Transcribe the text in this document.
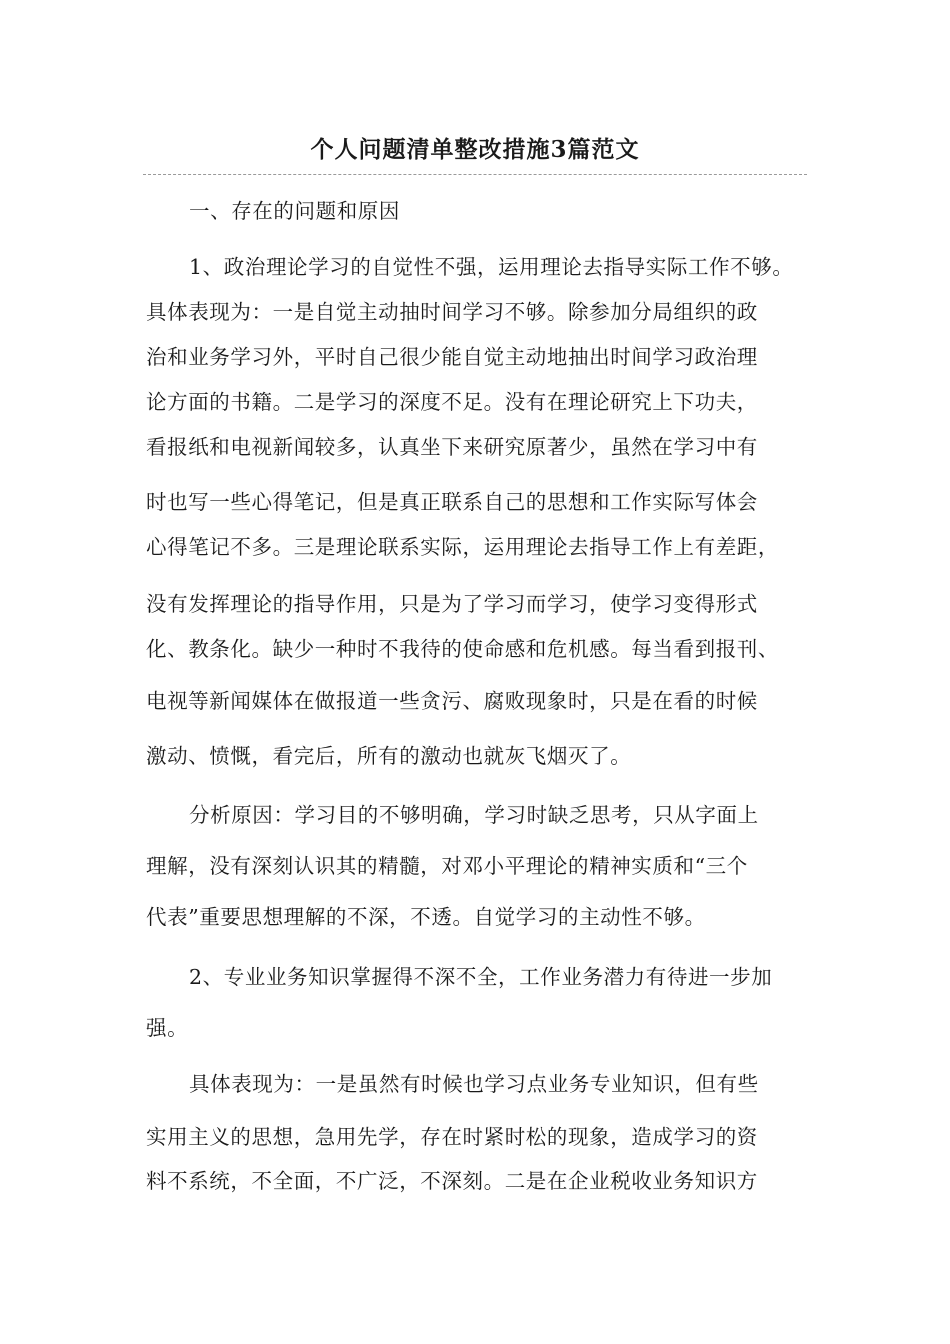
个人问题清单整改措施3篇范文
一、存在的问题和原因
1、政治理论学习的自觉性不强，运用理论去指导实际工作不够。
具体表现为：一是自觉主动抽时间学习不够。除参加分局组织的政
治和业务学习外，平时自己很少能自觉主动地抽出时间学习政治理
论方面的书籍。二是学习的深度不足。没有在理论研究上下功夫，
看报纸和电视新闻较多，认真坐下来研究原著少，虽然在学习中有
时也写一些心得笔记，但是真正联系自己的思想和工作实际写体会
心得笔记不多。三是理论联系实际，运用理论去指导工作上有差距，
没有发挥理论的指导作用，只是为了学习而学习，使学习变得形式
化、教条化。缺少一种时不我待的使命感和危机感。每当看到报刊、
电视等新闻媒体在做报道一些贪污、腐败现象时，只是在看的时候
激动、愤慨，看完后，所有的激动也就灰飞烟灭了。
分析原因：学习目的不够明确，学习时缺乏思考，只从字面上
理解，没有深刻认识其的精髓，对邓小平理论的精神实质和“三个
代表”重要思想理解的不深，不透。自觉学习的主动性不够。
2、专业业务知识掌握得不深不全，工作业务潜力有待进一步加
强。
具体表现为：一是虽然有时候也学习点业务专业知识，但有些
实用主义的思想，急用先学，存在时紧时松的现象，造成学习的资
料不系统，不全面，不广泛，不深刻。二是在企业税收业务知识方
